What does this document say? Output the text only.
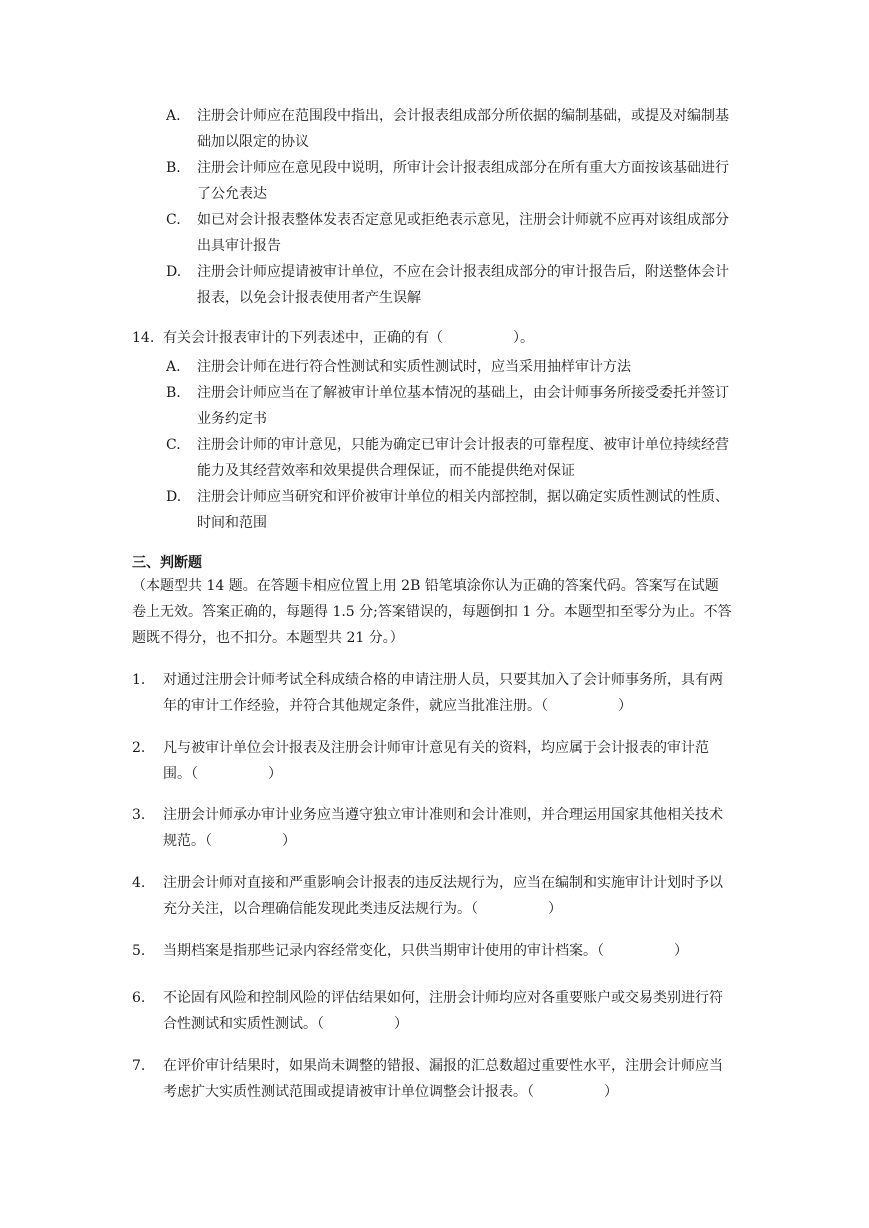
A. 注册会计师应在范围段中指出，会计报表组成部分所依据的编制基础，或提及对编制基础加以限定的协议
B. 注册会计师应在意见段中说明，所审计会计报表组成部分在所有重大方面按该基础进行了公允表达
C. 如已对会计报表整体发表否定意见或拒绝表示意见，注册会计师就不应再对该组成部分出具审计报告
D. 注册会计师应提请被审计单位，不应在会计报表组成部分的审计报告后，附送整体会计报表，以免会计报表使用者产生误解
14. 有关会计报表审计的下列表述中，正确的有（　　　　　）。
A. 注册会计师在进行符合性测试和实质性测试时，应当采用抽样审计方法
B. 注册会计师应当在了解被审计单位基本情况的基础上，由会计师事务所接受委托并签订业务约定书
C. 注册会计师的审计意见，只能为确定已审计会计报表的可靠程度、被审计单位持续经营能力及其经营效率和效果提供合理保证，而不能提供绝对保证
D. 注册会计师应当研究和评价被审计单位的相关内部控制，据以确定实质性测试的性质、时间和范围
三、判断题
（本题型共 14 题。在答题卡相应位置上用 2B 铅笔填涂你认为正确的答案代码。答案写在试题卷上无效。答案正确的，每题得 1.5 分;答案错误的，每题倒扣 1 分。本题型扣至零分为止。不答题既不得分，也不扣分。本题型共 21 分。）
1. 对通过注册会计师考试全科成绩合格的申请注册人员，只要其加入了会计师事务所，具有两年的审计工作经验，并符合其他规定条件，就应当批准注册。（　　　　　）
2. 凡与被审计单位会计报表及注册会计师审计意见有关的资料，均应属于会计报表的审计范围。（　　　　　）
3. 注册会计师承办审计业务应当遵守独立审计准则和会计准则，并合理运用国家其他相关技术规范。（　　　　　）
4. 注册会计师对直接和严重影响会计报表的违反法规行为，应当在编制和实施审计计划时予以充分关注，以合理确信能发现此类违反法规行为。（　　　　　）
5. 当期档案是指那些记录内容经常变化，只供当期审计使用的审计档案。（　　　　　）
6. 不论固有风险和控制风险的评估结果如何，注册会计师均应对各重要账户或交易类别进行符合性测试和实质性测试。（　　　　　）
7. 在评价审计结果时，如果尚未调整的错报、漏报的汇总数超过重要性水平，注册会计师应当考虑扩大实质性测试范围或提请被审计单位调整会计报表。（　　　　　）
